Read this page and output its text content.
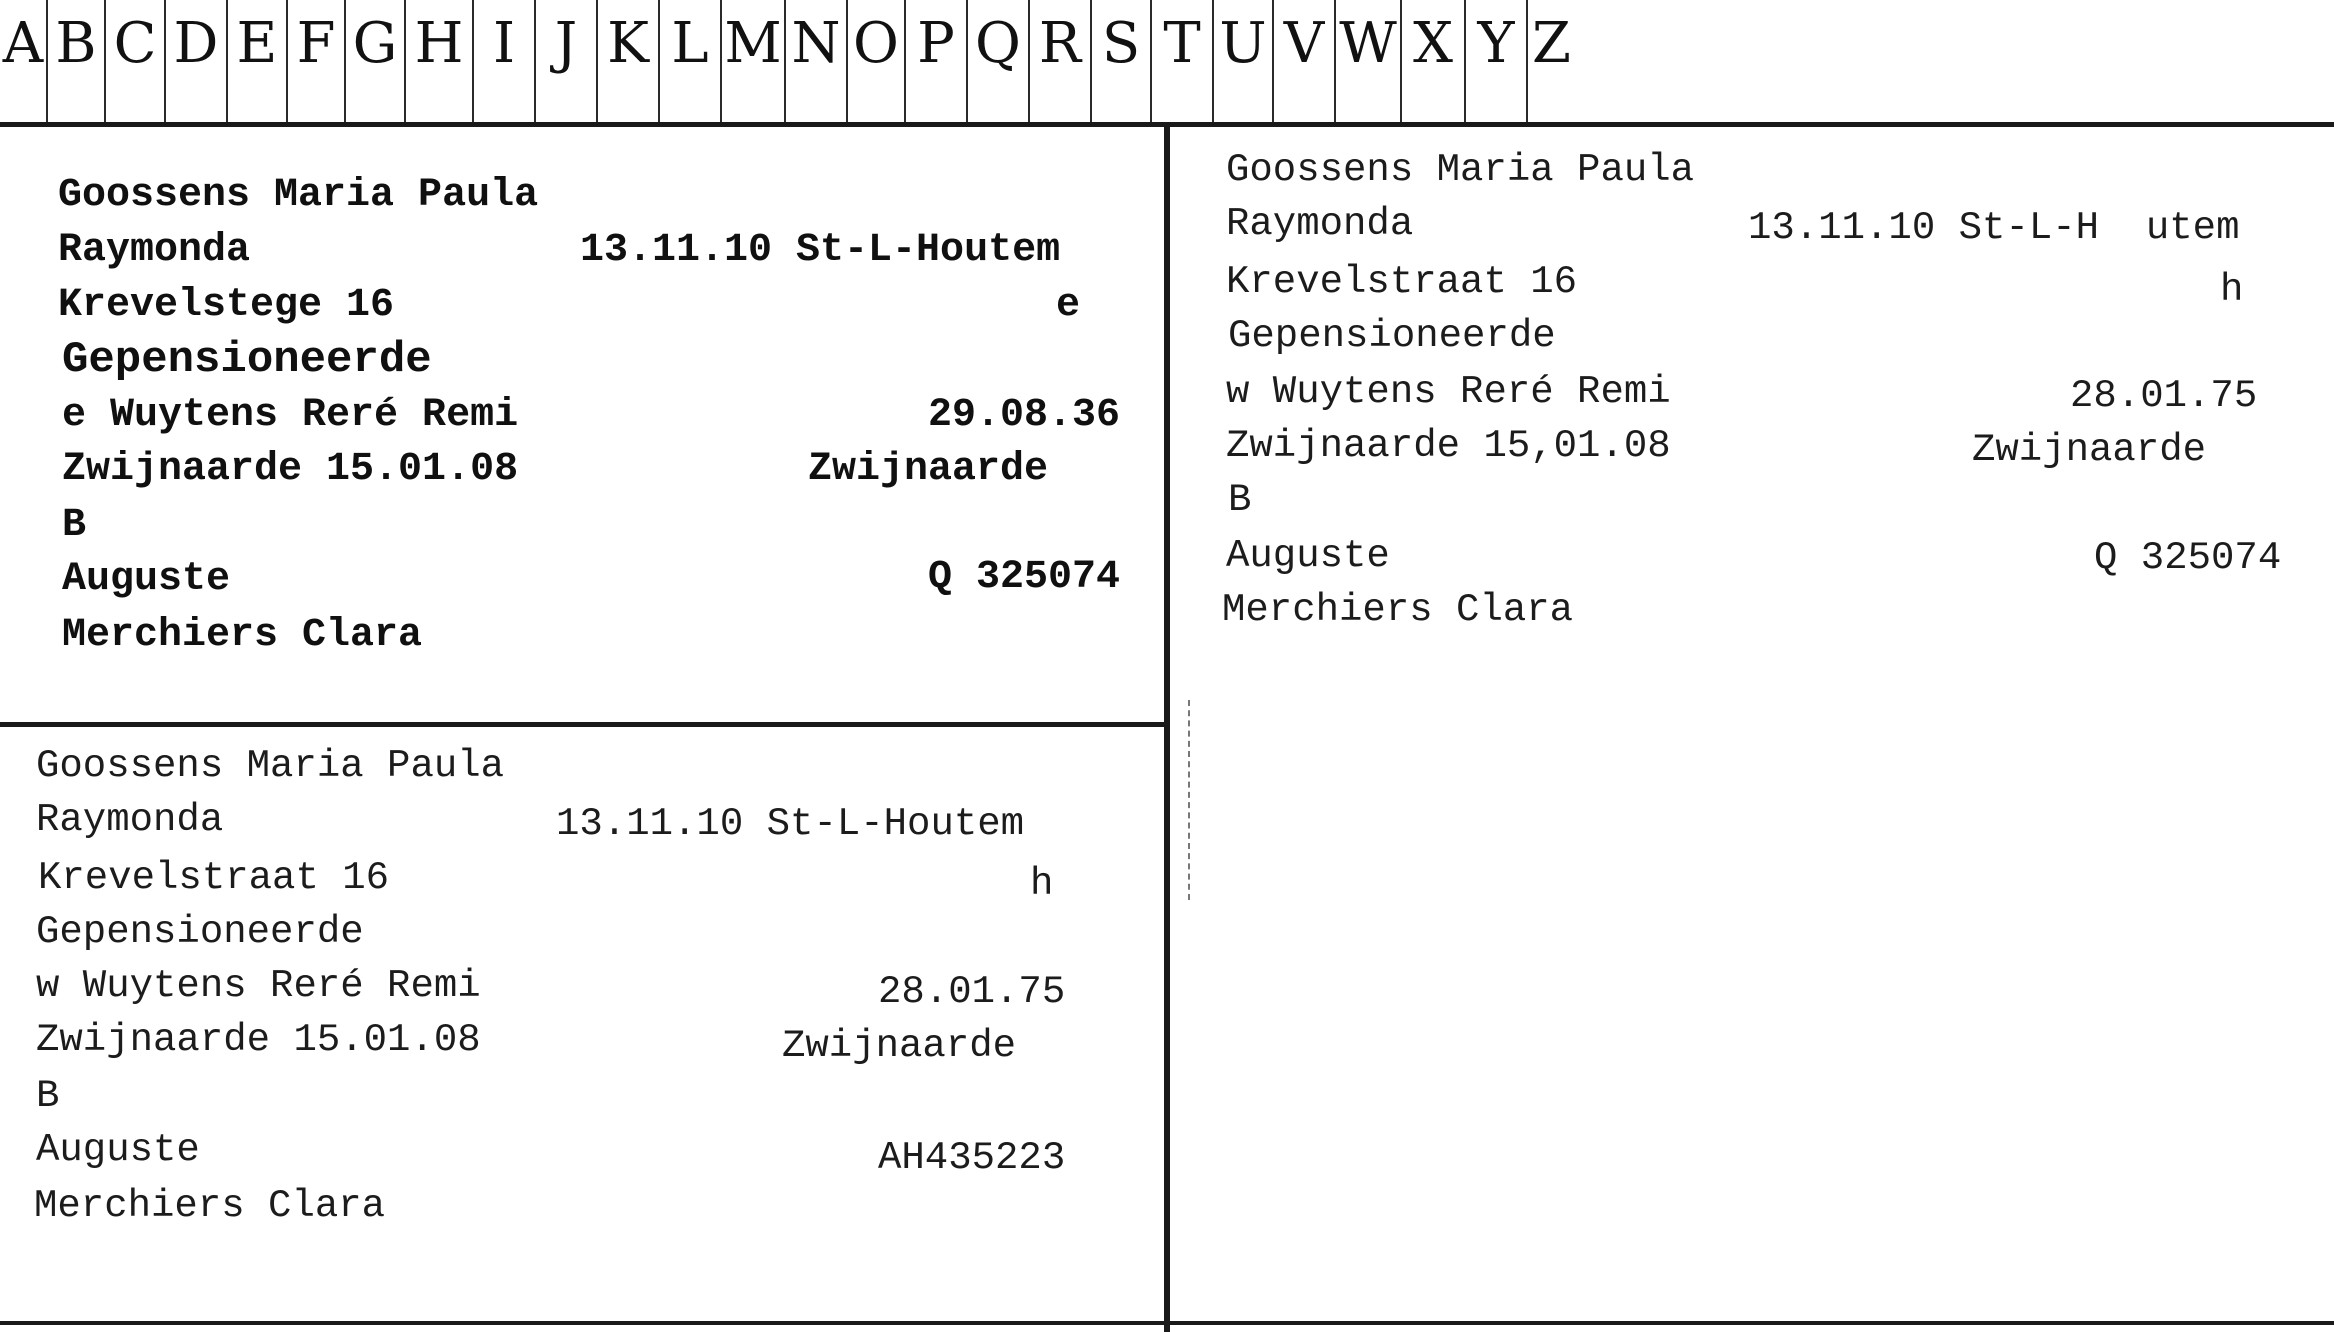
A B C D E F G H I J K L M N O P Q R S T U V W X Y Z
Goossens Maria Paula
Raymonda	13.11.10 St-L-Houtem
Krevelstege 16	e
Gepensioneerde
e Wuytens Reré Remi	29.08.36
Zwijnaarde 15.01.08	Zwijnaarde
B
Auguste	Q 325074
Merchiers Clara
Goossens Maria Paula
Raymonda	13.11.10 St-L-H  utem
Krevelstraat 16	h
Gepensioneerde
w Wuytens Reré Remi	28.01.75
Zwijnaarde 15,01.08	Zwijnaarde
B
Auguste	Q 325074
Merchiers Clara
Goossens Maria Paula
Raymonda	13.11.10 St-L-Houtem
Krevelstraat 16	h
Gepensioneerde
w Wuytens Reré Remi	28.01.75
Zwijnaarde 15.01.08	Zwijnaarde
B
Auguste	AH435223
Merchiers Clara
